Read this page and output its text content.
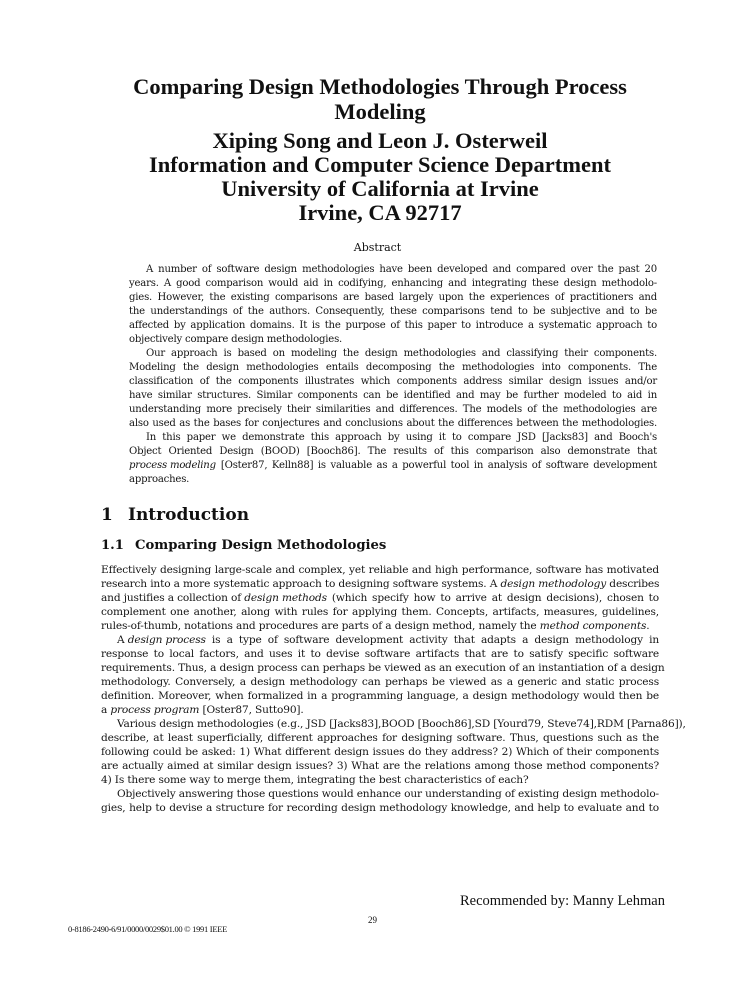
Comparing Design Methodologies Through Process
Modeling
Xiping Song and Leon J. Osterweil
Information and Computer Science Department
University of California at Irvine
Irvine, CA 92717
Abstract
A number of software design methodologies have been developed and compared over the past 20
years. A good comparison would aid in codifying, enhancing and integrating these design methodolo-
gies. However, the existing comparisons are based largely upon the experiences of practitioners and
the understandings of the authors. Consequently, these comparisons tend to be subjective and to be
affected by application domains. It is the purpose of this paper to introduce a systematic approach to
objectively compare design methodologies.
Our approach is based on modeling the design methodologies and classifying their components.
Modeling the design methodologies entails decomposing the methodologies into components. The
classification of the components illustrates which components address similar design issues and/or
have similar structures. Similar components can be identified and may be further modeled to aid in
understanding more precisely their similarities and differences. The models of the methodologies are
also used as the bases for conjectures and conclusions about the differences between the methodologies.
In this paper we demonstrate this approach by using it to compare JSD [Jacks83] and Booch's
Object Oriented Design (BOOD) [Booch86]. The results of this comparison also demonstrate that
process modeling [Oster87, Kelln88] is valuable as a powerful tool in analysis of software development
approaches.
1 Introduction
1.1 Comparing Design Methodologies
Effectively designing large-scale and complex, yet reliable and high performance, software has motivated
research into a more systematic approach to designing software systems. A design methodology describes
and justifies a collection of design methods (which specify how to arrive at design decisions), chosen to
complement one another, along with rules for applying them. Concepts, artifacts, measures, guidelines,
rules-of-thumb, notations and procedures are parts of a design method, namely the method components .
A design process is a type of software development activity that adapts a design methodology in
response to local factors, and uses it to devise software artifacts that are to satisfy specific software
requirements. Thus, a design process can perhaps be viewed as an execution of an instantiation of a design
methodology. Conversely, a design methodology can perhaps be viewed as a generic and static process
definition. Moreover, when formalized in a programming language, a design methodology would then be
a process program [Oster87, Sutto90].
Various design methodologies (e.g., JSD [Jacks83],BOOD [Booch86],SD [Yourd79, Steve74],RDM [Parna86]),
describe, at least superficially, different approaches for designing software. Thus, questions such as the
following could be asked: 1) What different design issues do they address? 2) Which of their components
are actually aimed at similar design issues? 3) What are the relations among those method components?
4) Is there some way to merge them, integrating the best characteristics of each?
Objectively answering those questions would enhance our understanding of existing design methodolo-
gies, help to devise a structure for recording design methodology knowledge, and help to evaluate and to
Recommended by: Manny Lehman
29
0-8186-2490-6/91/0000/0029$01.00 © 1991 IEEE
